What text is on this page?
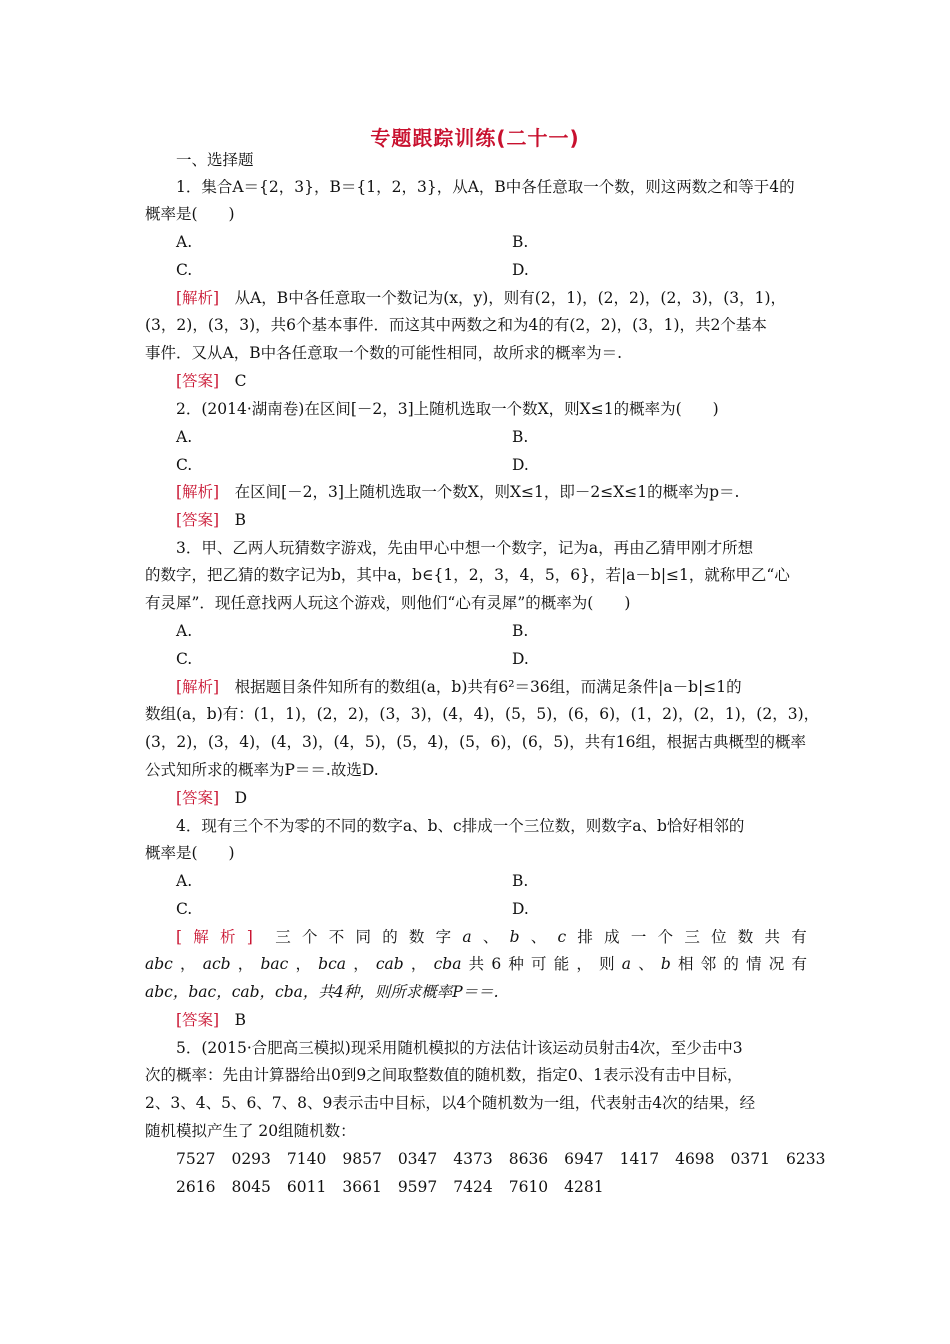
专题跟踪训练(二十一)
一、选择题
1．集合A＝{2，3}，B＝{1，2，3}，从A，B中各任意取一个数，则这两数之和等于4的
概率是(　　)
A.	B.
C.	D.
[解析]　从A，B中各任意取一个数记为(x，y)，则有(2，1)，(2，2)，(2，3)，(3，1)，
(3，2)，(3，3)，共6个基本事件．而这其中两数之和为4的有(2，2)，(3，1)，共2个基本
事件．又从A，B中各任意取一个数的可能性相同，故所求的概率为＝.
[答案]　C
2．(2014·湖南卷)在区间[－2，3]上随机选取一个数X，则X≤1的概率为(　　)
A.	B.
C.	D.
[解析]　在区间[－2，3]上随机选取一个数X，则X≤1，即－2≤X≤1的概率为p＝.
[答案]　B
3．甲、乙两人玩猜数字游戏，先由甲心中想一个数字，记为a，再由乙猜甲刚才所想
的数字，把乙猜的数字记为b，其中a，b∈{1，2，3，4，5，6}，若|a－b|≤1，就称甲乙“心
有灵犀”．现任意找两人玩这个游戏，则他们“心有灵犀”的概率为(　　)
A.	B.
C.	D.
[解析]　根据题目条件知所有的数组(a，b)共有6²＝36组，而满足条件|a－b|≤1的
数组(a，b)有：(1，1)，(2，2)，(3，3)，(4，4)，(5，5)，(6，6)，(1，2)，(2，1)，(2，3)，
(3，2)，(3，4)，(4，3)，(4，5)，(5，4)，(5，6)，(6，5)，共有16组，根据古典概型的概率
公式知所求的概率为P＝＝.故选D.
[答案]　D
4．现有三个不为零的不同的数字a、b、c排成一个三位数，则数字a、b恰好相邻的
概率是(　　)
A.	B.
C.	D.
[ 解 析 ] 三 个 不 同 的 数 字 a 、 b 、 c 排 成 一 个 三 位 数 共 有
abc ， acb ， bac ， bca ， cab ， cba 共 6 种 可 能 ， 则 a 、 b 相 邻 的 情 况 有
abc，bac，cab，cba，共4种，则所求概率P＝＝.
[答案]　B
5．(2015·合肥高三模拟)现采用随机模拟的方法估计该运动员射击4次，至少击中3
次的概率：先由计算器给出0到9之间取整数值的随机数，指定0、1表示没有击中目标，
2、3、4、5、6、7、8、9表示击中目标，以4个随机数为一组，代表射击4次的结果，经
随机模拟产生了 20组随机数：
7527 0293 7140 9857 0347 4373 8636 6947 1417 46980371 6233
2616 8045 6011 3661 9597 7424 7610 4281
